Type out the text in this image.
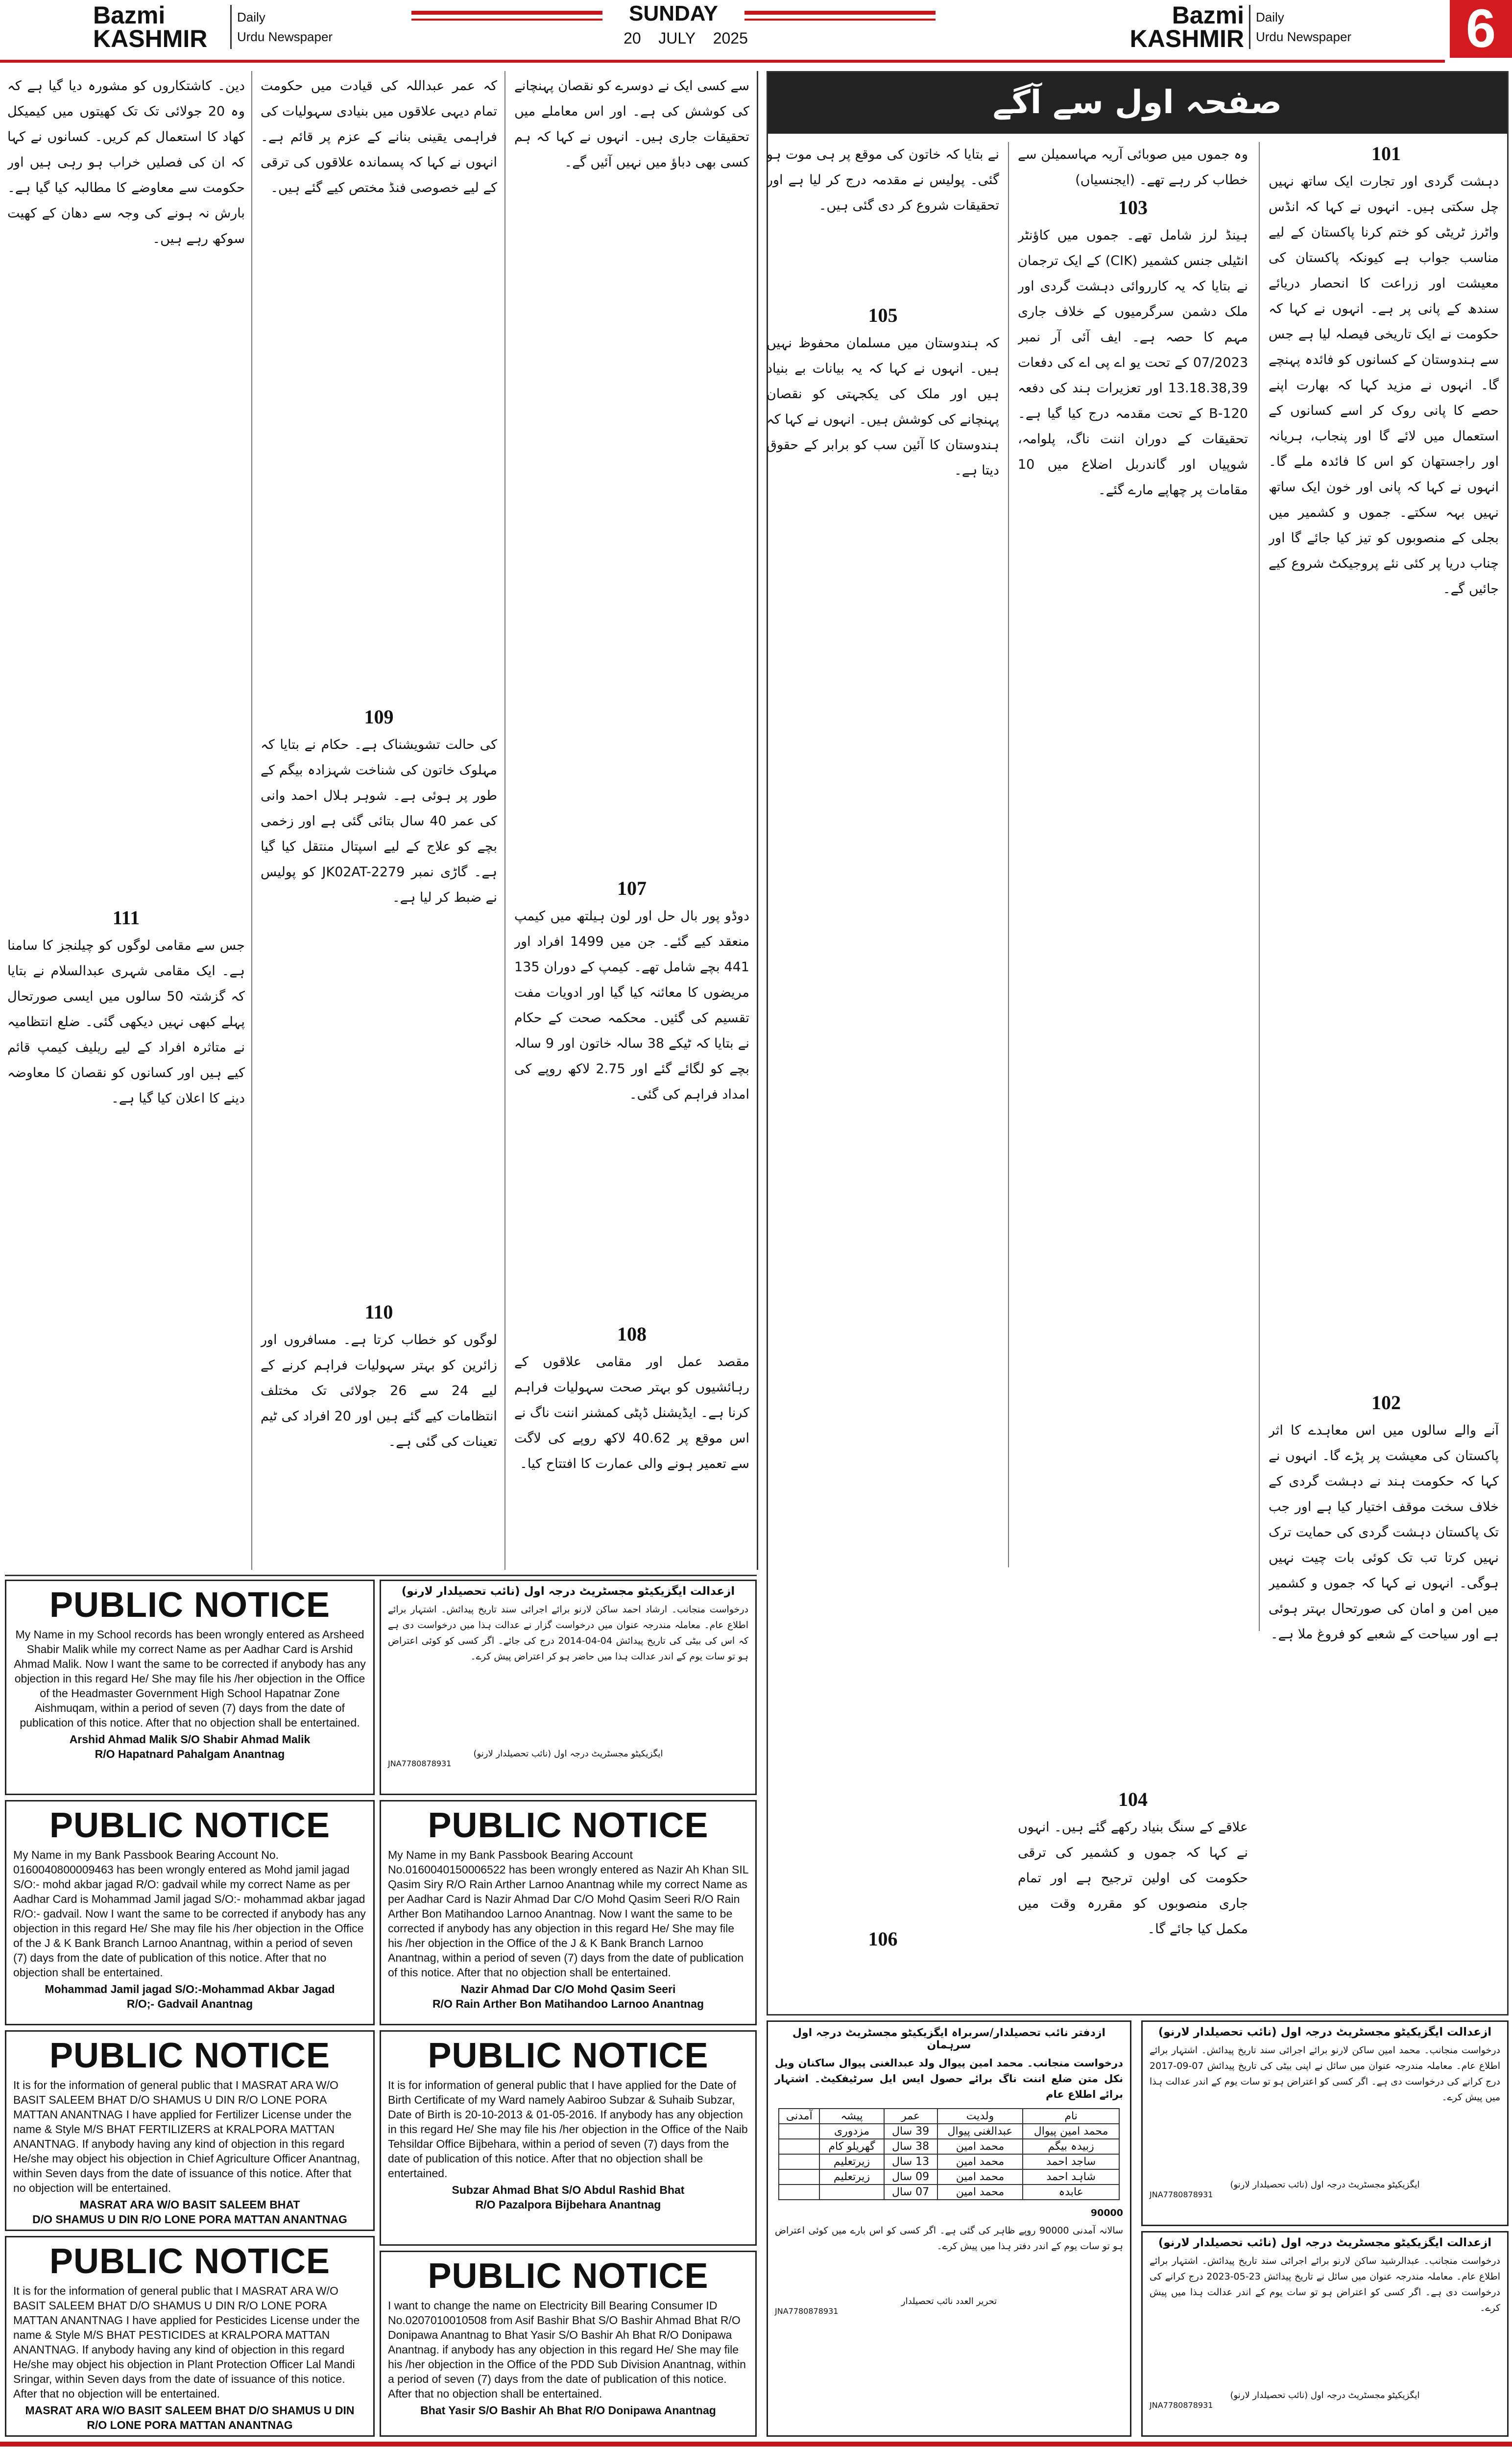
Bazmi
KASHMIR
Daily
Urdu Newspaper
SUNDAY
20 JULY 2025
Bazmi
KASHMIR
Daily
Urdu Newspaper 6
صفحہ اول سے آگے
101
دہشت گردی اور تجارت ایک ساتھ نہیں چل سکتی ہیں۔ انہوں نے کہا کہ انڈس واٹرز ٹریٹی کو ختم کرنا پاکستان کے لیے مناسب جواب ہے کیونکہ پاکستان کی معیشت اور زراعت کا انحصار دریائے سندھ کے پانی پر ہے۔ انہوں نے کہا کہ حکومت نے ایک تاریخی فیصلہ لیا ہے جس سے ہندوستان کے کسانوں کو فائدہ پہنچے گا۔ انہوں نے مزید کہا کہ بھارت اپنے حصے کا پانی روک کر اسے کسانوں کے استعمال میں لائے گا اور پنجاب، ہریانہ اور راجستھان کو اس کا فائدہ ملے گا۔ انہوں نے کہا کہ پانی اور خون ایک ساتھ نہیں بہہ سکتے۔ جموں و کشمیر میں بجلی کے منصوبوں کو تیز کیا جائے گا اور چناب دریا پر کئی نئے پروجیکٹ شروع کیے جائیں گے۔
102
آنے والے سالوں میں اس معاہدے کا اثر پاکستان کی معیشت پر پڑے گا۔ انہوں نے کہا کہ حکومت ہند نے دہشت گردی کے خلاف سخت موقف اختیار کیا ہے اور جب تک پاکستان دہشت گردی کی حمایت ترک نہیں کرتا تب تک کوئی بات چیت نہیں ہوگی۔ انہوں نے کہا کہ جموں و کشمیر میں امن و امان کی صورتحال بہتر ہوئی ہے اور سیاحت کے شعبے کو فروغ ملا ہے۔
وہ جموں میں صوبائی آریہ مہاسمیلن سے خطاب کر رہے تھے۔ (ایجنسیاں)
103
ہینڈ لرز شامل تھے۔ جموں میں کاؤنٹر انٹیلی جنس کشمیر (CIK) کے ایک ترجمان نے بتایا کہ یہ کارروائی دہشت گردی اور ملک دشمن سرگرمیوں کے خلاف جاری مہم کا حصہ ہے۔ ایف آئی آر نمبر 07/2023 کے تحت یو اے پی اے کی دفعات 13.18.38,39 اور تعزیرات ہند کی دفعہ 120-B کے تحت مقدمہ درج کیا گیا ہے۔ تحقیقات کے دوران اننت ناگ، پلوامہ، شوپیاں اور گاندربل اضلاع میں 10 مقامات پر چھاپے مارے گئے۔
104
علاقے کے سنگ بنیاد رکھے گئے ہیں۔ انہوں نے کہا کہ جموں و کشمیر کی ترقی حکومت کی اولین ترجیح ہے اور تمام جاری منصوبوں کو مقررہ وقت میں مکمل کیا جائے گا۔
نے بتایا کہ خاتون کی موقع پر ہی موت ہو گئی۔ پولیس نے مقدمہ درج کر لیا ہے اور تحقیقات شروع کر دی گئی ہیں۔
105
کہ ہندوستان میں مسلمان محفوظ نہیں ہیں۔ انہوں نے کہا کہ یہ بیانات بے بنیاد ہیں اور ملک کی یکجہتی کو نقصان پہنچانے کی کوشش ہیں۔ انہوں نے کہا کہ ہندوستان کا آئین سب کو برابر کے حقوق دیتا ہے۔
106
سے کسی ایک نے دوسرے کو نقصان پہنچانے کی کوشش کی ہے۔ اور اس معاملے میں تحقیقات جاری ہیں۔ انہوں نے کہا کہ ہم کسی بھی دباؤ میں نہیں آئیں گے۔
107
دوڈو پور بال حل اور لون ہیلتھ میں کیمپ منعقد کیے گئے۔ جن میں 1499 افراد اور 441 بچے شامل تھے۔ کیمپ کے دوران 135 مریضوں کا معائنہ کیا گیا اور ادویات مفت تقسیم کی گئیں۔ محکمہ صحت کے حکام نے بتایا کہ ٹیکے 38 سالہ خاتون اور 9 سالہ بچے کو لگائے گئے اور 2.75 لاکھ روپے کی امداد فراہم کی گئی۔
108
مقصد عمل اور مقامی علاقوں کے رہائشیوں کو بہتر صحت سہولیات فراہم کرنا ہے۔ ایڈیشنل ڈپٹی کمشنر اننت ناگ نے اس موقع پر 40.62 لاکھ روپے کی لاگت سے تعمیر ہونے والی عمارت کا افتتاح کیا۔
کہ عمر عبداللہ کی قیادت میں حکومت تمام دیہی علاقوں میں بنیادی سہولیات کی فراہمی یقینی بنانے کے عزم پر قائم ہے۔ انہوں نے کہا کہ پسماندہ علاقوں کی ترقی کے لیے خصوصی فنڈ مختص کیے گئے ہیں۔
109
کی حالت تشویشناک ہے۔ حکام نے بتایا کہ مہلوک خاتون کی شناخت شہزادہ بیگم کے طور پر ہوئی ہے۔ شوہر ہلال احمد وانی کی عمر 40 سال بتائی گئی ہے اور زخمی بچے کو علاج کے لیے اسپتال منتقل کیا گیا ہے۔ گاڑی نمبر JK02AT-2279 کو پولیس نے ضبط کر لیا ہے۔
110
لوگوں کو خطاب کرتا ہے۔ مسافروں اور زائرین کو بہتر سہولیات فراہم کرنے کے لیے 24 سے 26 جولائی تک مختلف انتظامات کیے گئے ہیں اور 20 افراد کی ٹیم تعینات کی گئی ہے۔
دین۔ کاشتکاروں کو مشورہ دیا گیا ہے کہ وہ 20 جولائی تک تک کھیتوں میں کیمیکل کھاد کا استعمال کم کریں۔ کسانوں نے کہا کہ ان کی فصلیں خراب ہو رہی ہیں اور حکومت سے معاوضے کا مطالبہ کیا گیا ہے۔ بارش نہ ہونے کی وجہ سے دھان کے کھیت سوکھ رہے ہیں۔
111
جس سے مقامی لوگوں کو چیلنجز کا سامنا ہے۔ ایک مقامی شہری عبدالسلام نے بتایا کہ گزشتہ 50 سالوں میں ایسی صورتحال پہلے کبھی نہیں دیکھی گئی۔ ضلع انتظامیہ نے متاثرہ افراد کے لیے ریلیف کیمپ قائم کیے ہیں اور کسانوں کو نقصان کا معاوضہ دینے کا اعلان کیا گیا ہے۔
PUBLIC NOTICE
My Name in my School records has been wrongly entered as Arsheed Shabir Malik while my correct Name as per Aadhar Card is Arshid Ahmad Malik. Now I want the same to be corrected if anybody has any objection in this regard He/ She may file his /her objection in the Office of the Headmaster Government High School Hapatnar Zone Aishmuqam, within a period of seven (7) days from the date of publication of this notice. After that no objection shall be entertained.
Arshid Ahmad Malik S/O Shabir Ahmad Malik
R/O Hapatnard Pahalgam Anantnag
ازعدالت ایگزیکیٹو مجسٹریٹ درجہ اول (نائب تحصیلدار لارنو)
درخواست منجانب۔ ارشاد احمد ساکن لارنو برائے اجرائی سند تاریخ پیدائش۔ اشتہار برائے اطلاع عام۔ معاملہ مندرجہ عنوان میں درخواست گزار نے عدالت ہذا میں درخواست دی ہے کہ اس کی بیٹی کی تاریخ پیدائش 04-04-2014 درج کی جائے۔ اگر کسی کو کوئی اعتراض ہو تو سات یوم کے اندر عدالت ہذا میں حاضر ہو کر اعتراض پیش کرے۔
ایگزیکیٹو مجسٹریٹ درجہ اول (نائب تحصیلدار لارنو)
JNA7780878931
PUBLIC NOTICE
My Name in my Bank Passbook Bearing Account No. 0160040800009463 has been wrongly entered as Mohd jamil jagad S/O:- mohd akbar jagad R/O: gadvail while my correct Name as per Aadhar Card is Mohammad Jamil jagad S/O:- mohammad akbar jagad R/O:- gadvail. Now I want the same to be corrected if anybody has any objection in this regard He/ She may file his /her objection in the Office of the J & K Bank Branch Larnoo Anantnag, within a period of seven (7) days from the date of publication of this notice. After that no objection shall be entertained.
Mohammad Jamil jagad S/O:-Mohammad Akbar Jagad
R/O;- Gadvail Anantnag
PUBLIC NOTICE
My Name in my Bank Passbook Bearing Account No.0160040150006522 has been wrongly entered as Nazir Ah Khan SIL Qasim Siry R/O Rain Arther Larnoo Anantnag while my correct Name as per Aadhar Card is Nazir Ahmad Dar C/O Mohd Qasim Seeri R/O Rain Arther Bon Matihandoo Larnoo Anantnag. Now I want the same to be corrected if anybody has any objection in this regard He/ She may file his /her objection in the Office of the J & K Bank Branch Larnoo Anantnag, within a period of seven (7) days from the date of publication of this notice. After that no objection shall be entertained.
Nazir Ahmad Dar C/O Mohd Qasim Seeri
R/O Rain Arther Bon Matihandoo Larnoo Anantnag
PUBLIC NOTICE
It is for the information of general public that I MASRAT ARA W/O BASIT SALEEM BHAT D/O SHAMUS U DIN R/O LONE PORA MATTAN ANANTNAG I have applied for Fertilizer License under the name & Style M/S BHAT FERTILIZERS at KRALPORA MATTAN ANANTNAG. If anybody having any kind of objection in this regard He/she may object his objection in Chief Agriculture Officer Anantnag, within Seven days from the date of issuance of this notice. After that no objection will be entertained.
MASRAT ARA W/O BASIT SALEEM BHAT
D/O SHAMUS U DIN R/O LONE PORA MATTAN ANANTNAG
PUBLIC NOTICE
It is for information of general public that I have applied for the Date of Birth Certificate of my Ward namely Aabiroo Subzar & Suhaib Subzar, Date of Birth is 20-10-2013 & 01-05-2016. If anybody has any objection in this regard He/ She may file his /her objection in the Office of the Naib Tehsildar Office Bijbehara, within a period of seven (7) days from the date of publication of this notice. After that no objection shall be entertained.
Subzar Ahmad Bhat S/O Abdul Rashid Bhat
R/O Pazalpora Bijbehara Anantnag
PUBLIC NOTICE
It is for the information of general public that I MASRAT ARA W/O BASIT SALEEM BHAT D/O SHAMUS U DIN R/O LONE PORA MATTAN ANANTNAG I have applied for Pesticides License under the name & Style M/S BHAT PESTICIDES at KRALPORA MATTAN ANANTNAG. If anybody having any kind of objection in this regard He/she may object his objection in Plant Protection Officer Lal Mandi Sringar, within Seven days from the date of issuance of this notice. After that no objection will be entertained.
MASRAT ARA W/O BASIT SALEEM BHAT D/O SHAMUS U DIN
R/O LONE PORA MATTAN ANANTNAG
PUBLIC NOTICE
I want to change the name on Electricity Bill Bearing Consumer ID No.0207010010508 from Asif Bashir Bhat S/O Bashir Ahmad Bhat R/O Donipawa Anantnag to Bhat Yasir S/O Bashir Ah Bhat R/O Donipawa Anantnag. if anybody has any objection in this regard He/ She may file his /her objection in the Office of the PDD Sub Division Anantnag, within a period of seven (7) days from the date of publication of this notice. After that no objection shall be entertained.
Bhat Yasir S/O Bashir Ah Bhat R/O Donipawa Anantnag
ازدفتر نائب تحصیلدار/سربراہ ایگزیکیٹو مجسٹریٹ درجہ اول سرہمان
درخواست منجانب۔ محمد امین پیوال ولد عبدالغنی پیوال ساکنان ویل نکل متن ضلع اننت ناگ برائے حصول ایس ایل سرٹیفکیٹ۔ اشتہار برائے اطلاع عام
نام	ولدیت	عمر	پیشہ	آمدنی
محمد امین پیوال	عبدالغنی پیوال	39 سال	مزدوری	
زبیدہ بیگم	محمد امین	38 سال	گھریلو کام	
ساجد احمد	محمد امین	13 سال	زیرتعلیم	
شاہد احمد	محمد امین	09 سال	زیرتعلیم	
عابدہ	محمد امین	07 سال		
90000
سالانہ آمدنی 90000 روپے ظاہر کی گئی ہے۔ اگر کسی کو اس بارے میں کوئی اعتراض ہو تو سات یوم کے اندر دفتر ہذا میں پیش کرے۔
تحریر العدد نائب تحصیلدار
JNA7780878931
ازعدالت ایگزیکیٹو مجسٹریٹ درجہ اول (نائب تحصیلدار لارنو)
درخواست منجانب۔ محمد امین ساکن لارنو برائے اجرائی سند تاریخ پیدائش۔ اشتہار برائے اطلاع عام۔ معاملہ مندرجہ عنوان میں سائل نے اپنی بیٹی کی تاریخ پیدائش 07-09-2017 درج کرانے کی درخواست دی ہے۔ اگر کسی کو اعتراض ہو تو سات یوم کے اندر عدالت ہذا میں پیش کرے۔
ایگزیکیٹو مجسٹریٹ درجہ اول (نائب تحصیلدار لارنو)
JNA7780878931
ازعدالت ایگزیکیٹو مجسٹریٹ درجہ اول (نائب تحصیلدار لارنو)
درخواست منجانب۔ عبدالرشید ساکن لارنو برائے اجرائی سند تاریخ پیدائش۔ اشتہار برائے اطلاع عام۔ معاملہ مندرجہ عنوان میں سائل نے تاریخ پیدائش 23-05-2023 درج کرانے کی درخواست دی ہے۔ اگر کسی کو اعتراض ہو تو سات یوم کے اندر عدالت ہذا میں پیش کرے۔
ایگزیکیٹو مجسٹریٹ درجہ اول (نائب تحصیلدار لارنو)
JNA7780878931
